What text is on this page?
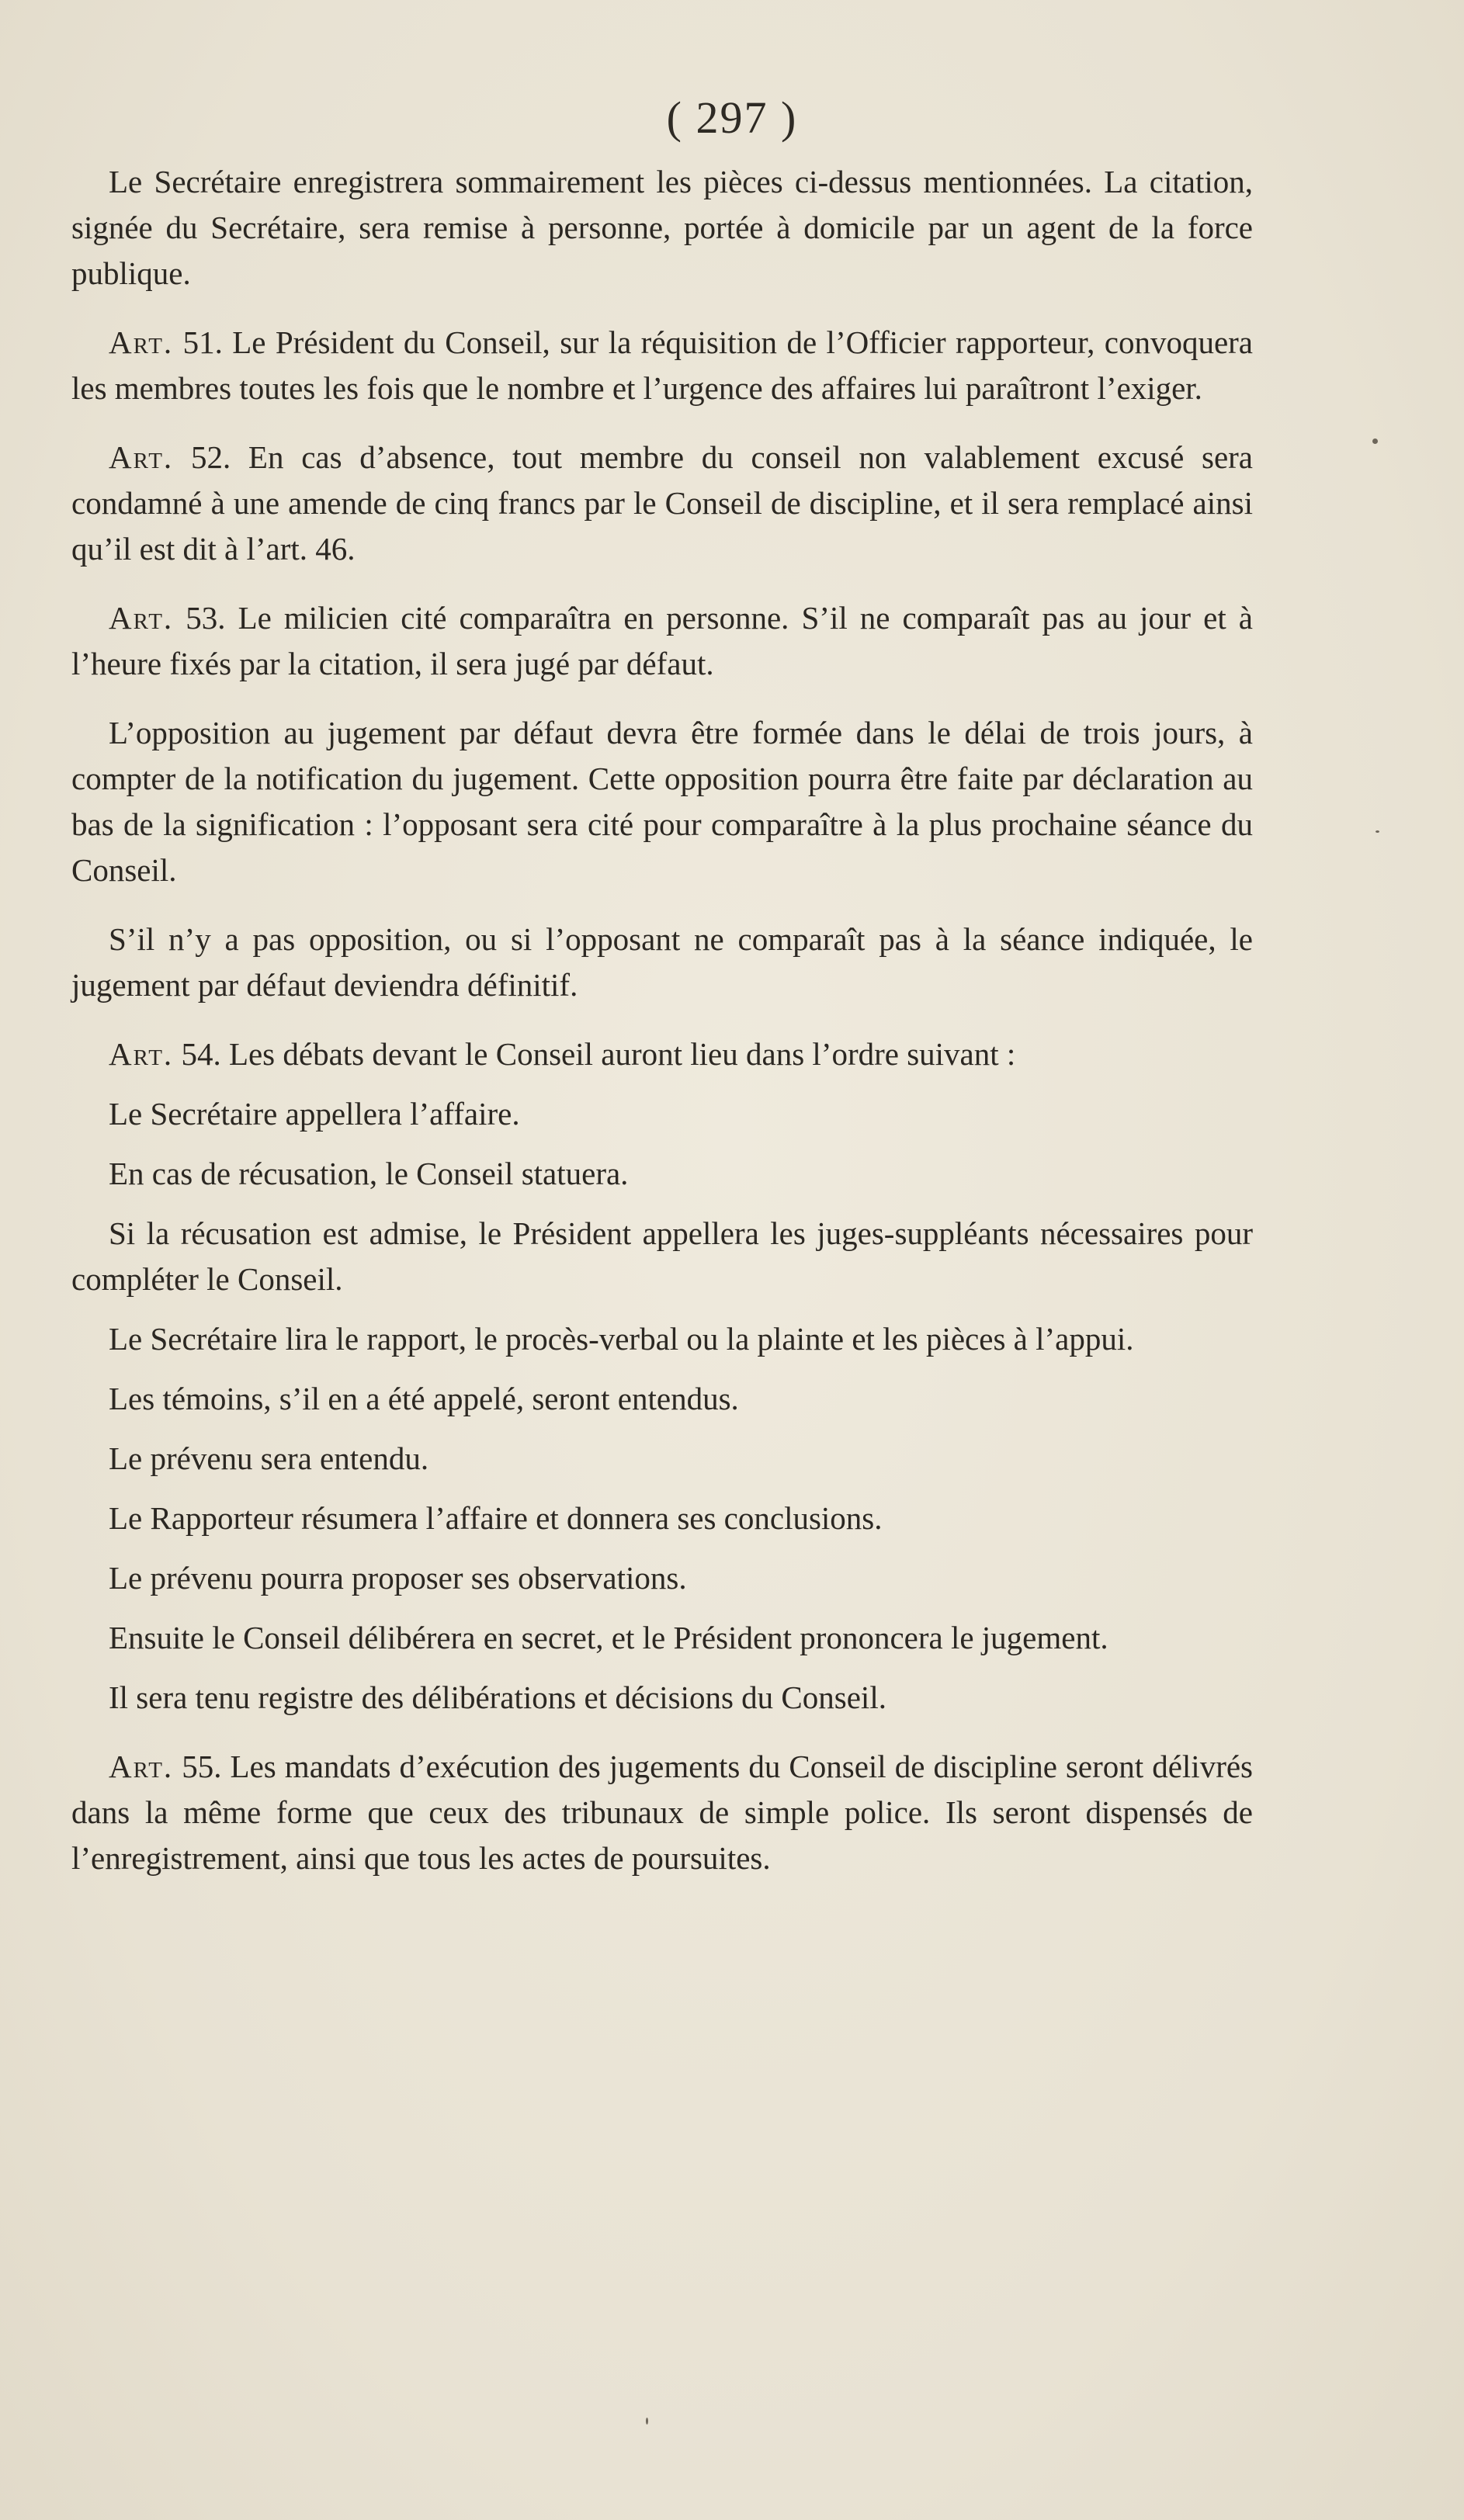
( 297 )

Le Secrétaire enregistrera sommairement les pièces ci-dessus mentionnées. La citation, signée du Secrétaire, sera remise à personne, portée à domicile par un agent de la force publique.

Art. 51. Le Président du Conseil, sur la réquisition de l’Officier rapporteur, convoquera les membres toutes les fois que le nombre et l’urgence des affaires lui paraîtront l’exiger.

Art. 52. En cas d’absence, tout membre du conseil non valablement excusé sera condamné à une amende de cinq francs par le Conseil de discipline, et il sera remplacé ainsi qu’il est dit à l’art. 46.

Art. 53. Le milicien cité comparaîtra en personne. S’il ne comparaît pas au jour et à l’heure fixés par la citation, il sera jugé par défaut.

L’opposition au jugement par défaut devra être formée dans le délai de trois jours, à compter de la notification du jugement. Cette opposition pourra être faite par déclaration au bas de la signification : l’opposant sera cité pour comparaître à la plus prochaine séance du Conseil.

S’il n’y a pas opposition, ou si l’opposant ne comparaît pas à la séance indiquée, le jugement par défaut deviendra définitif.

Art. 54. Les débats devant le Conseil auront lieu dans l’ordre suivant :

Le Secrétaire appellera l’affaire.

En cas de récusation, le Conseil statuera.

Si la récusation est admise, le Président appellera les juges-suppléants nécessaires pour compléter le Conseil.

Le Secrétaire lira le rapport, le procès-verbal ou la plainte et les pièces à l’appui.

Les témoins, s’il en a été appelé, seront entendus.

Le prévenu sera entendu.

Le Rapporteur résumera l’affaire et donnera ses conclusions.

Le prévenu pourra proposer ses observations.

Ensuite le Conseil délibérera en secret, et le Président prononcera le jugement.

Il sera tenu registre des délibérations et décisions du Conseil.

Art. 55. Les mandats d’exécution des jugements du Conseil de discipline seront délivrés dans la même forme que ceux des tribunaux de simple police. Ils seront dispensés de l’enregistrement, ainsi que tous les actes de poursuites.
